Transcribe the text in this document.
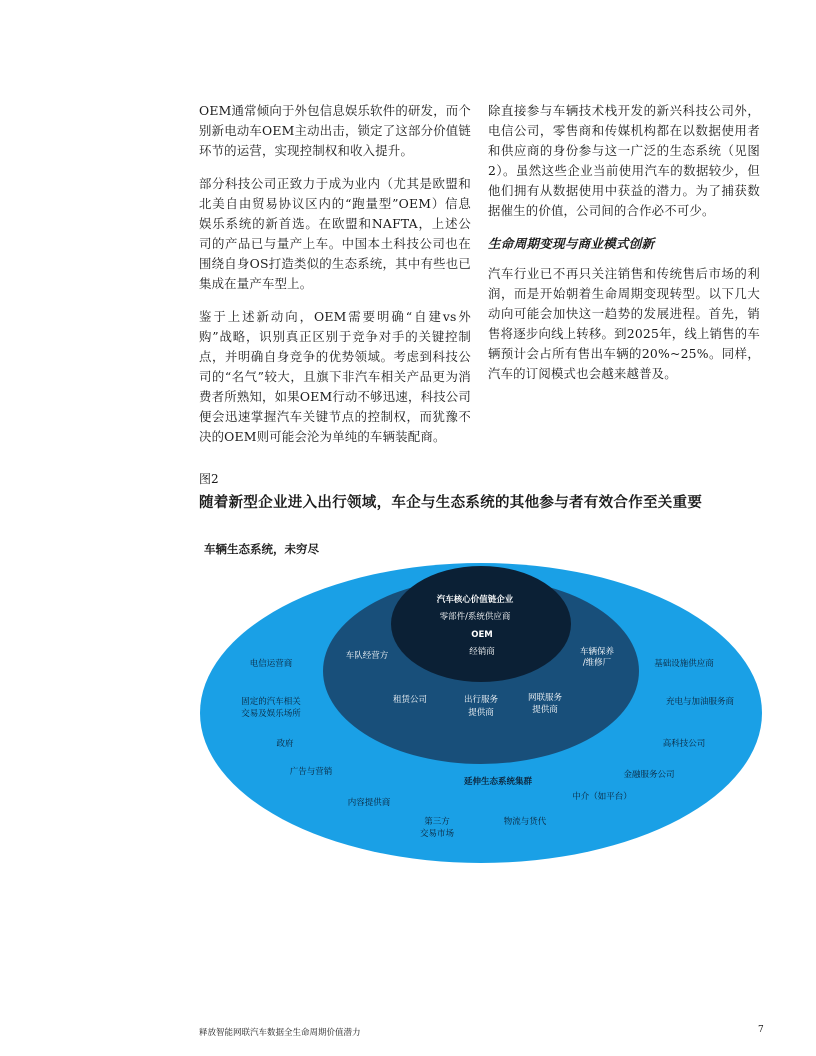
OEM通常倾向于外包信息娱乐软件的研发，而个别新电动车OEM主动出击，锁定了这部分价值链环节的运营，实现控制权和收入提升。

部分科技公司正致力于成为业内（尤其是欧盟和北美自由贸易协议区内的“跑量型”OEM）信息娱乐系统的新首选。在欧盟和NAFTA，上述公司的产品已与量产上车。中国本土科技公司也在围绕自身OS打造类似的生态系统，其中有些也已集成在量产车型上。

鉴于上述新动向，OEM需要明确“自建vs外购”战略，识别真正区别于竞争对手的关键控制点，并明确自身竞争的优势领域。考虑到科技公司的“名气”较大，且旗下非汽车相关产品更为消费者所熟知，如果OEM行动不够迅速，科技公司便会迅速掌握汽车关键节点的控制权，而犹豫不决的OEM则可能会沦为单纯的车辆装配商。

除直接参与车辆技术栈开发的新兴科技公司外，电信公司，零售商和传媒机构都在以数据使用者和供应商的身份参与这一广泛的生态系统（见图2）。虽然这些企业当前使用汽车的数据较少，但他们拥有从数据使用中获益的潜力。为了捕获数据催生的价值，公司间的合作必不可少。

生命周期变现与商业模式创新

汽车行业已不再只关注销售和传统售后市场的利润，而是开始朝着生命周期变现转型。以下几大动向可能会加快这一趋势的发展进程。首先，销售将逐步向线上转移。到2025年，线上销售的车辆预计会占所有售出车辆的20%~25%。同样，汽车的订阅模式也会越来越普及。

图2
随着新型企业进入出行领域，车企与生态系统的其他参与者有效合作至关重要
车辆生态系统，未穷尽
汽车核心价值链企业
零部件/系统供应商
OEM
经销商
车队经营方	车辆保养
/维修厂
租赁公司	出行服务
提供商
网联服务
提供商
电信运营商
固定的汽车相关
交易及娱乐场所
政府
广告与营销
内容提供商
第三方
交易市场
物流与货代
延伸生态系统集群
中介（如平台）
金融服务公司
高科技公司
充电与加油服务商
基础设施供应商
释放智能网联汽车数据全生命周期价值潜力	7
